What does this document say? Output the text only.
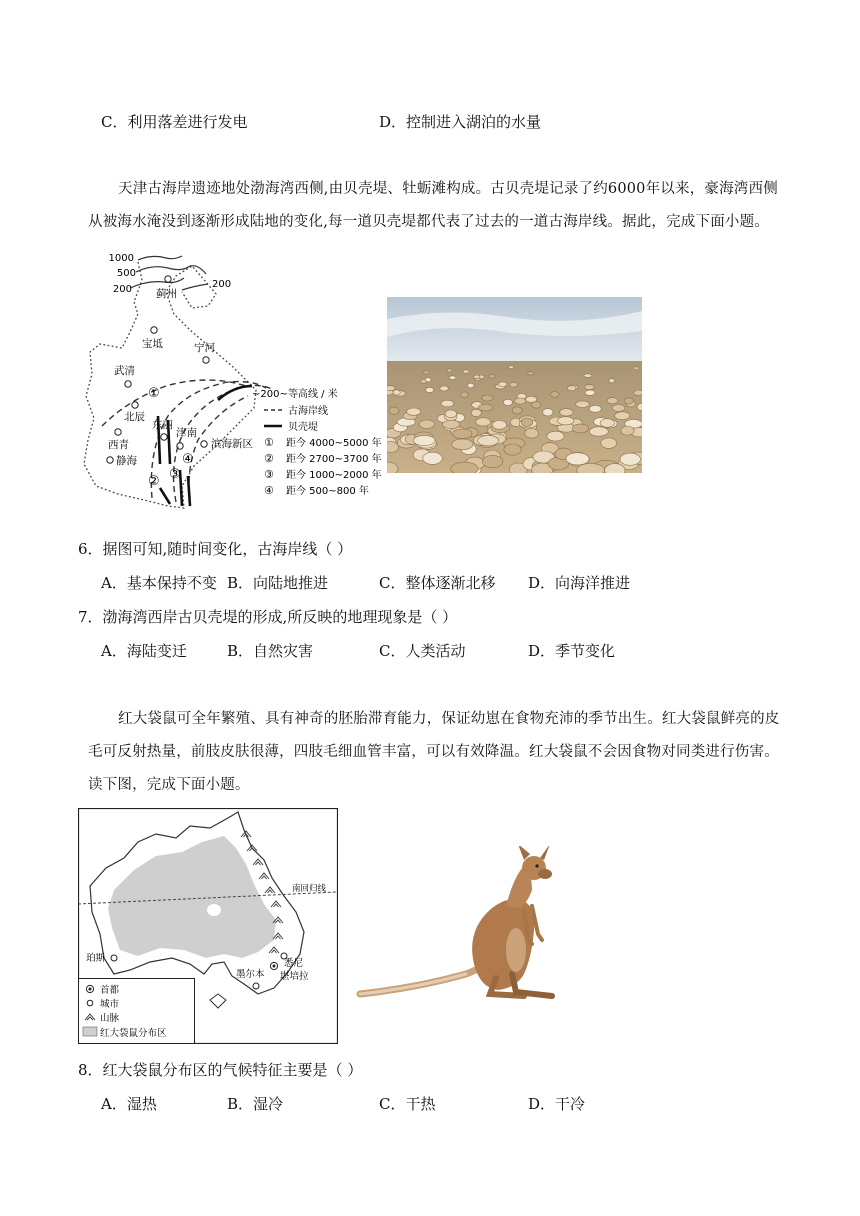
C．利用落差进行发电	D．控制进入湖泊的水量
天津古海岸遗迹地处渤海湾西侧,由贝壳堤、牡蛎滩构成。古贝壳堤记录了约6000年以来，豪海湾西侧从被海水淹没到逐渐形成陆地的变化,每一道贝壳堤都代表了过去的一道古海岸线。据此，完成下面小题。
1000
500
200	200
蓟州
宝坻
武清
宁河
北辰
东丽
津南
西青
静海
滨海新区
①
② ③
④
~200~ 等高线 / 米
古海岸线
贝壳堤
① 距今 4000~5000 年
② 距今 2700~3700 年
③ 距今 1000~2000 年
④ 距今 500~800 年
6．据图可知,随时间变化，古海岸线（ ）
A．基本保持不变 B．向陆地推进	C．整体逐渐北移 D．向海洋推进
7．渤海湾西岸古贝壳堤的形成,所反映的地理现象是（ ）
A．海陆变迁	B．自然灾害	C．人类活动	D．季节变化
红大袋鼠可全年繁殖、具有神奇的胚胎滞育能力，保证幼崽在食物充沛的季节出生。红大袋鼠鲜亮的皮毛可反射热量，前肢皮肤很薄，四肢毛细血管丰富，可以有效降温。红大袋鼠不会因食物对同类进行伤害。读下图，完成下面小题。
南回归线
珀斯
墨尔本
悉尼
堪培拉
首都
城市
山脉
红大袋鼠分布区
8．红大袋鼠分布区的气候特征主要是（ ）
A．湿热	B．湿冷	C．干热	D．干冷
